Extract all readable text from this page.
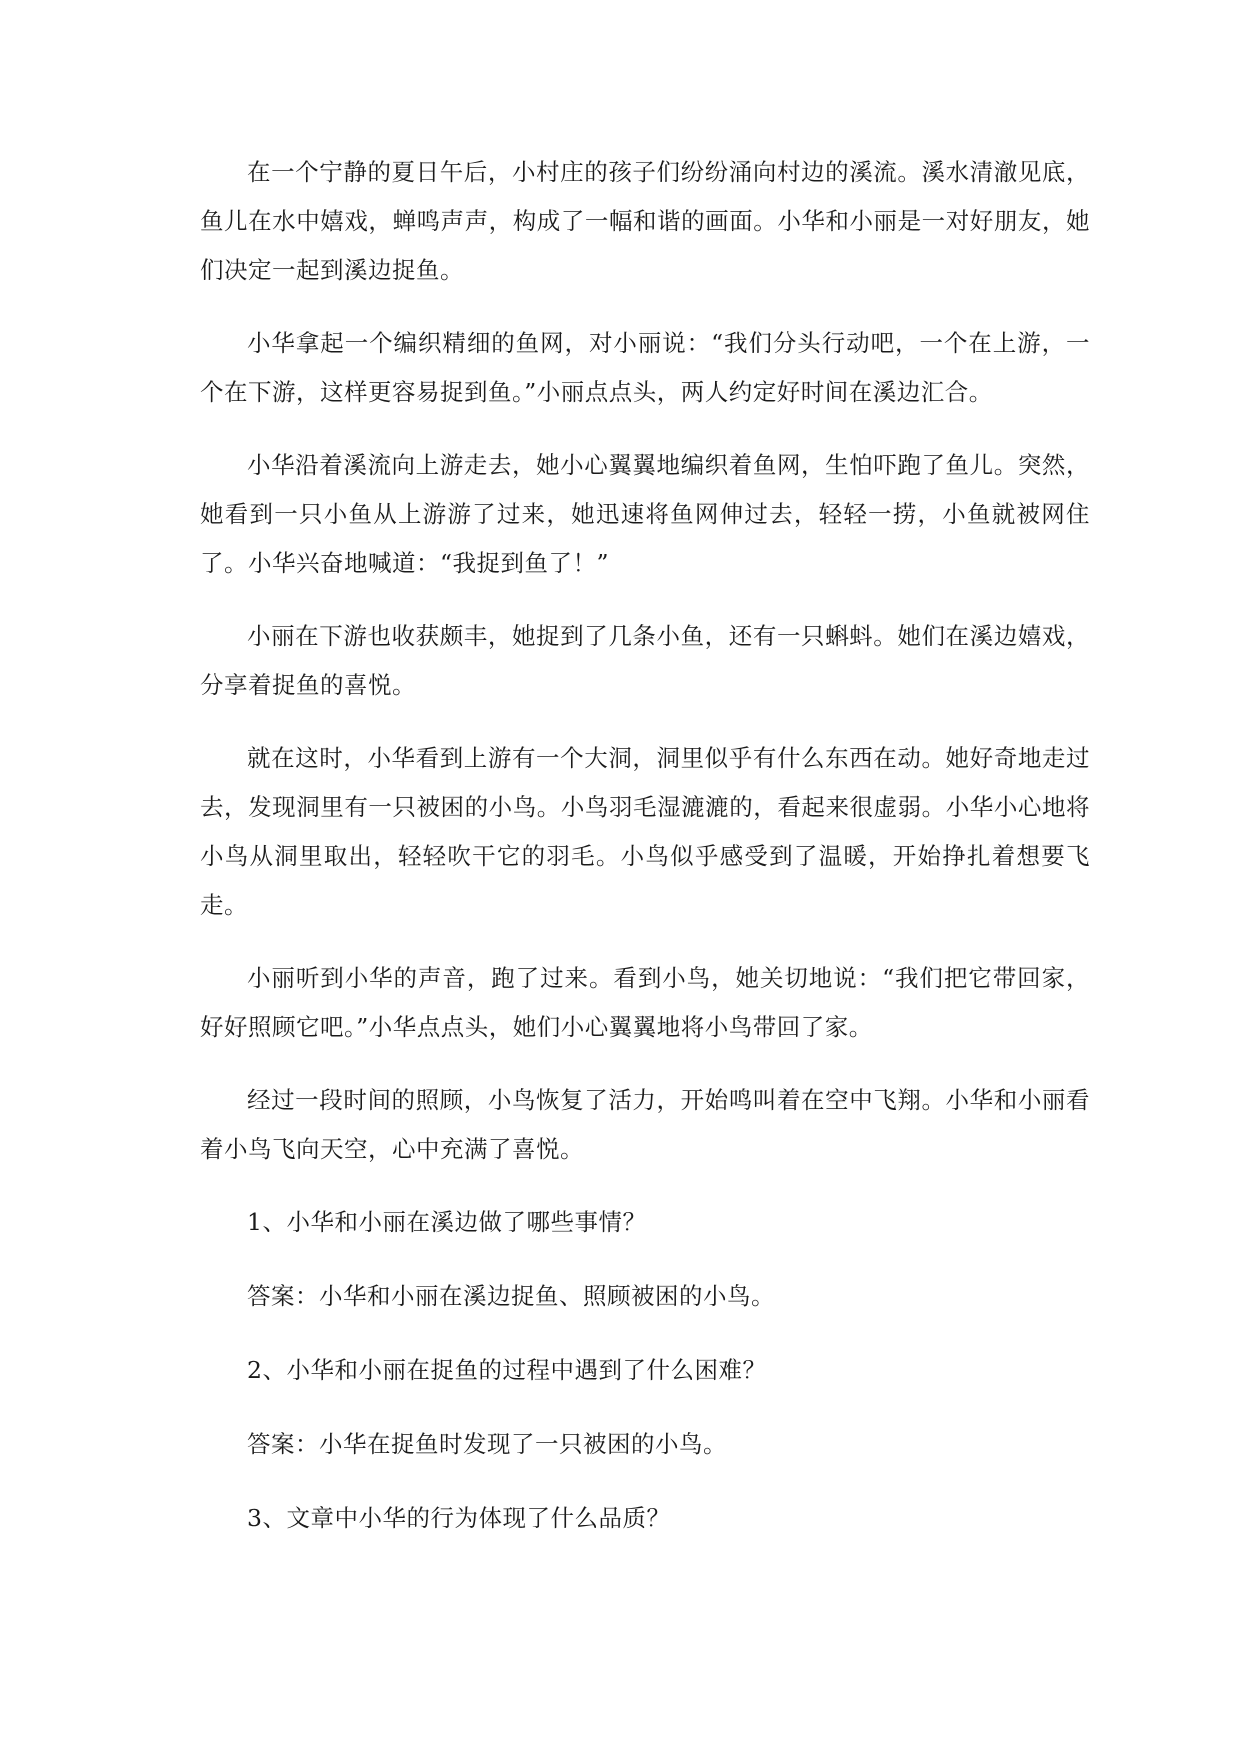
在一个宁静的夏日午后，小村庄的孩子们纷纷涌向村边的溪流。溪水清澈见底，鱼儿在水中嬉戏，蝉鸣声声，构成了一幅和谐的画面。小华和小丽是一对好朋友，她们决定一起到溪边捉鱼。

小华拿起一个编织精细的鱼网，对小丽说：“我们分头行动吧，一个在上游，一个在下游，这样更容易捉到鱼。”小丽点点头，两人约定好时间在溪边汇合。

小华沿着溪流向上游走去，她小心翼翼地编织着鱼网，生怕吓跑了鱼儿。突然，她看到一只小鱼从上游游了过来，她迅速将鱼网伸过去，轻轻一捞，小鱼就被网住了。小华兴奋地喊道：“我捉到鱼了！”

小丽在下游也收获颇丰，她捉到了几条小鱼，还有一只蝌蚪。她们在溪边嬉戏，分享着捉鱼的喜悦。

就在这时，小华看到上游有一个大洞，洞里似乎有什么东西在动。她好奇地走过去，发现洞里有一只被困的小鸟。小鸟羽毛湿漉漉的，看起来很虚弱。小华小心地将小鸟从洞里取出，轻轻吹干它的羽毛。小鸟似乎感受到了温暖，开始挣扎着想要飞走。

小丽听到小华的声音，跑了过来。看到小鸟，她关切地说：“我们把它带回家，好好照顾它吧。”小华点点头，她们小心翼翼地将小鸟带回了家。

经过一段时间的照顾，小鸟恢复了活力，开始鸣叫着在空中飞翔。小华和小丽看着小鸟飞向天空，心中充满了喜悦。

1、小华和小丽在溪边做了哪些事情？

答案：小华和小丽在溪边捉鱼、照顾被困的小鸟。

2、小华和小丽在捉鱼的过程中遇到了什么困难？

答案：小华在捉鱼时发现了一只被困的小鸟。

3、文章中小华的行为体现了什么品质？
